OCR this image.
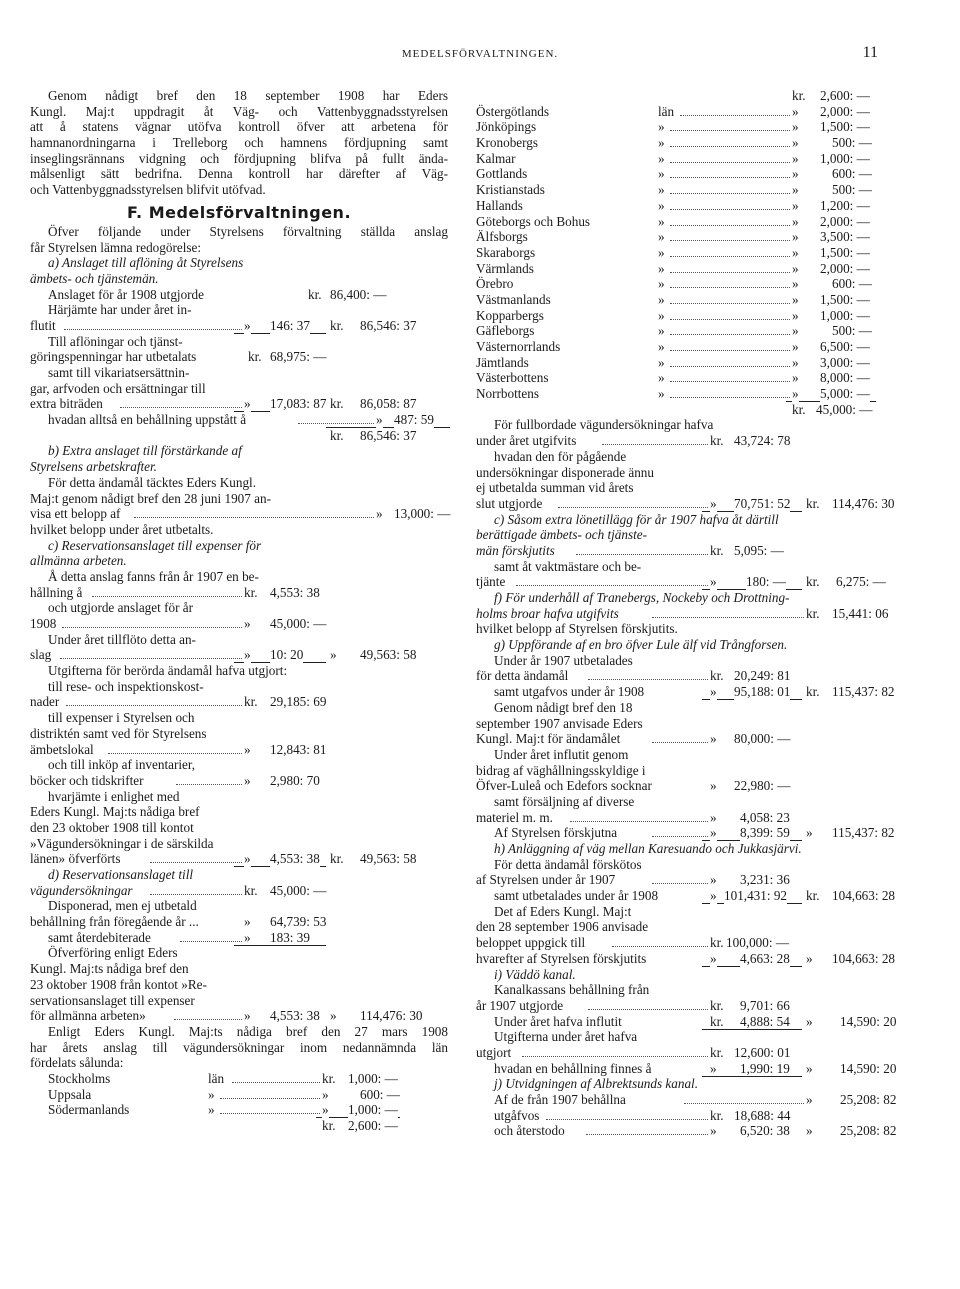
MEDELSFÖRVALTNINGEN.	11
Genom nådigt bref den 18 september 1908 har Eders
Kungl. Maj:t uppdragit åt Väg- och Vattenbyggnadsstyrelsen
att å statens vägnar utöfva kontroll öfver att arbetena för
hamnanordningarna i Trelleborg och hamnens fördjupning samt
inseglingsrännans vidgning och fördjupning blifva på fullt ända-
målsenligt sätt bedrifna. Denna kontroll har därefter af Väg-
och Vattenbyggnadsstyrelsen blifvit utöfvad.
F. Medelsförvaltningen.
Öfver följande under Styrelsens förvaltning ställda anslag
får Styrelsen lämna redogörelse:
a) Anslaget till aflöning åt Styrelsens
ämbets- och tjänstemän.
Anslaget för år 1908 utgjorde	kr. 86,400: —
Härjämte har under året in-
flutit	» 146: 37 kr. 86,546: 37
Till aflöningar och tjänst-
göringspenningar har utbetalats	kr. 68,975: —
samt till vikariatsersättnin-
gar, arfvoden och ersättningar till
extra biträden	» 17,083: 87 kr. 86,058: 87
hvadan alltså en behållning uppstått å	» 487: 59
kr. 86,546: 37
b) Extra anslaget till förstärkande af
Styrelsens arbetskrafter.
För detta ändamål täcktes Eders Kungl.
Maj:t genom nådigt bref den 28 juni 1907 an-
visa ett belopp af	» 13,000: —
hvilket belopp under året utbetalts.
c) Reservationsanslaget till expenser för
allmänna arbeten.
Å detta anslag fanns från år 1907 en be-
hållning å	kr. 4,553: 38
och utgjorde anslaget för år
1908	» 45,000: —
Under året tillflöto detta an-
slag	» 10: 20 » 49,563: 58
Utgifterna för berörda ändamål hafva utgjort:
till rese- och inspektionskost-
nader	kr. 29,185: 69
till expenser i Styrelsen och
distriktén samt ved för Styrelsens
ämbetslokal	» 12,843: 81
och till inköp af inventarier,
böcker och tidskrifter	» 2,980: 70
hvarjämte i enlighet med
Eders Kungl. Maj:ts nådiga bref
den 23 oktober 1908 till kontot
»Vägundersökningar i de särskilda
länen» öfverförts	» 4,553: 38 kr. 49,563: 58
d) Reservationsanslaget till
vägundersökningar	kr. 45,000: —
Disponerad, men ej utbetald
behållning från föregående år ...	» 64,739: 53
samt återdebiterade	» 183: 39
Öfverföring enligt Eders
Kungl. Maj:ts nådiga bref den
23 oktober 1908 från kontot »Re-
servationsanslaget till expenser
för allmänna arbeten»	» 4,553: 38 » 114,476: 30
Enligt Eders Kungl. Maj:ts nådiga bref den 27 mars 1908
har årets anslag till vägundersökningar inom nedannämnda län
fördelats sålunda:
Stockholms	län	kr. 1,000: —
Uppsala	»	» 600: —
Södermanlands	»	» 1,000: —
kr. 2,600: —
kr. 2,600: —
Östergötlands	län	» 2,000: —
Jönköpings	»	» 1,500: —
Kronobergs	»	»	500: —
Kalmar	»	» 1,000: —
Gottlands	»	»	600: —
Kristianstads	»	»	500: —
Hallands	»	» 1,200: —
Göteborgs och Bohus	»	» 2,000: —
Älfsborgs	»	» 3,500: —
Skaraborgs	»	» 1,500: —
Värmlands	»	» 2,000: —
Örebro	»	»	600: —
Västmanlands	»	» 1,500: —
Kopparbergs	»	» 1,000: —
Gäfleborgs	»	»	500: —
Västernorrlands	»	» 6,500: —
Jämtlands	»	» 3,000: —
Västerbottens	»	» 8,000: —
Norrbottens	»	» 5,000: —
kr. 45,000: —
För fullbordade vägundersökningar hafva
under året utgifvits	kr. 43,724: 78
hvadan den för pågående
undersökningar disponerade ännu
ej utbetalda summan vid årets
slut utgjorde	» 70,751: 52 kr. 114,476: 30
c) Såsom extra lönetillägg för år 1907 hafva åt därtill
berättigade ämbets- och tjänste-
män förskjutits	kr. 5,095: —
samt åt vaktmästare och be-
tjänte	» 180: — kr. 6,275: —
f) För underhåll af Tranebergs, Nockeby och Drottning-
holms broar hafva utgifvits	kr. 15,441: 06
hvilket belopp af Styrelsen förskjutits.
g) Uppförande af en bro öfver Lule älf vid Trångforsen.
Under år 1907 utbetalades
för detta ändamål	kr. 20,249: 81
samt utgafvos under år 1908	» 95,188: 01 kr. 115,437: 82
Genom nådigt bref den 18
september 1907 anvisade Eders
Kungl. Maj:t för ändamålet	» 80,000: —
Under året influtit genom
bidrag af väghållningsskyldige i
Öfver-Luleå och Edefors socknar	» 22,980: —
samt försäljning af diverse
materiel m. m.	» 4,058: 23
Af Styrelsen förskjutna	» 8,399: 59 » 115,437: 82
h) Anläggning af väg mellan Karesuando och Jukkasjärvi.
För detta ändamål förskötos
af Styrelsen under år 1907	» 3,231: 36
samt utbetalades under år 1908	» 101,431: 92 kr. 104,663: 28
Det af Eders Kungl. Maj:t
den 28 september 1906 anvisade
beloppet uppgick till	kr. 100,000: —
hvarefter af Styrelsen förskjutits	» 4,663: 28 » 104,663: 28
i) Väddö kanal.
Kanalkassans behållning från
år 1907 utgjorde	kr. 9,701: 66
Under året hafva influtit	kr. 4,888: 54 » 14,590: 20
Utgifterna under året hafva
utgjort	kr. 12,600: 01
hvadan en behållning finnes å	» 1,990: 19 » 14,590: 20
j) Utvidgningen af Albrektsunds kanal.
Af de från 1907 behållna	» 25,208: 82
utgåfvos	kr. 18,688: 44
och återstodo	» 6,520: 38 » 25,208: 82
